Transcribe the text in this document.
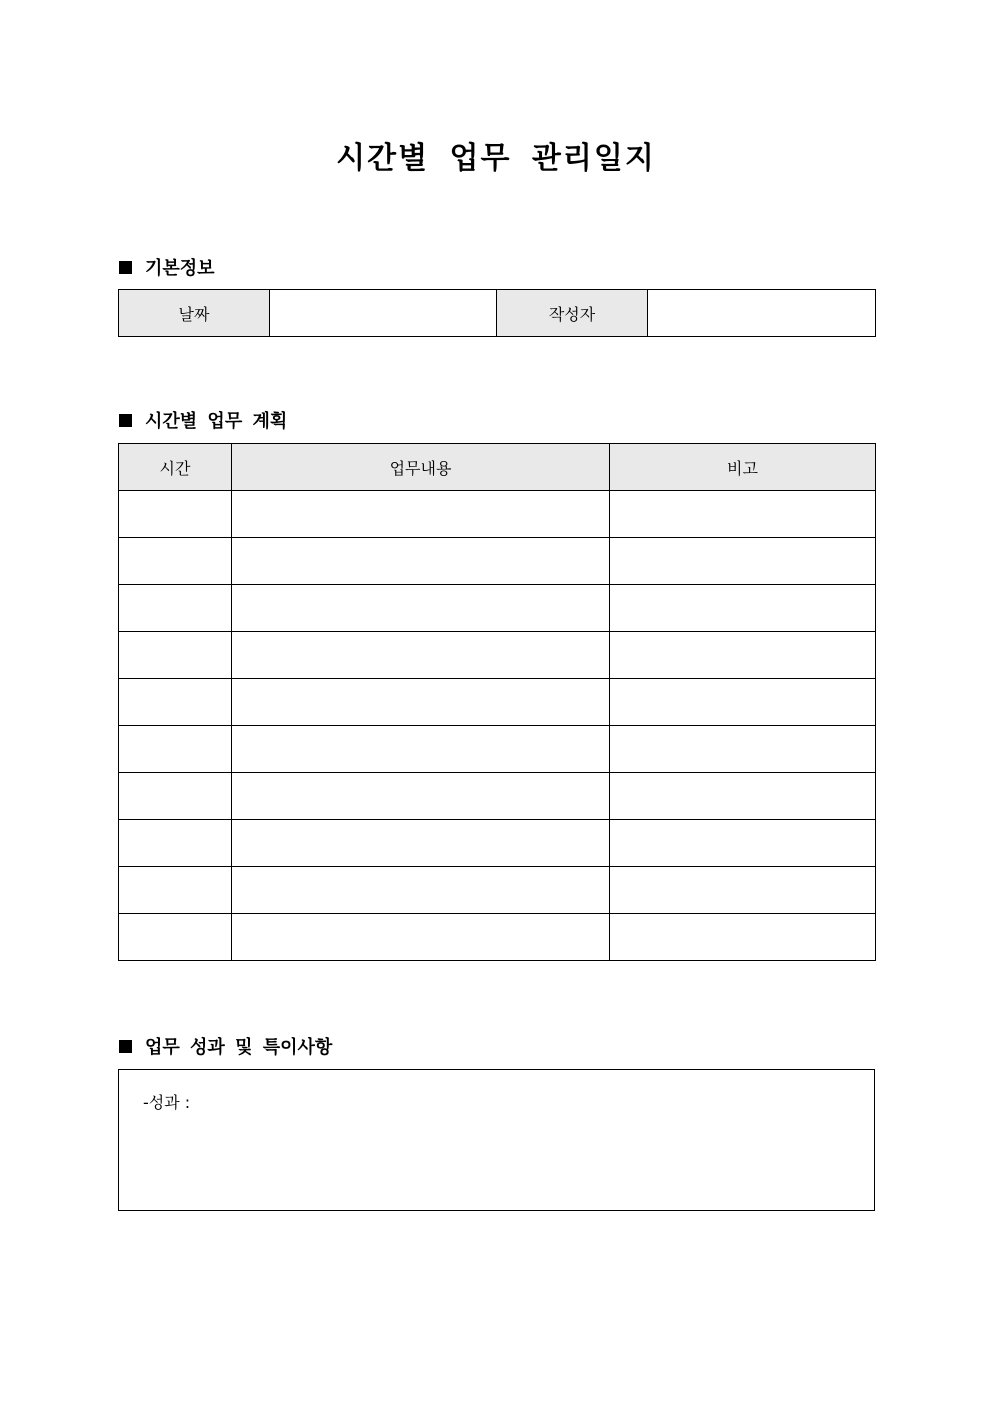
시간별 업무 관리일지
기본정보
날짜		작성자	
시간별 업무 계획
시간	업무내용	비고

업무 성과 및 특이사항
-성과 :
